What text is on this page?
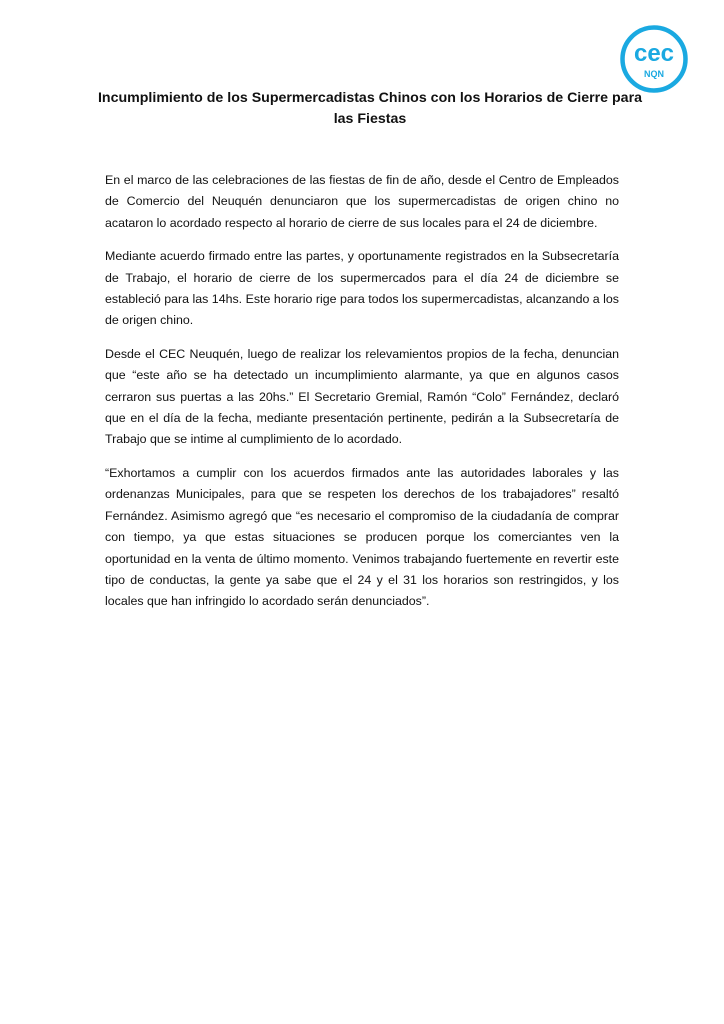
cec
NQN
Incumplimiento de los Supermercadistas Chinos con los Horarios de Cierre para las Fiestas

En el marco de las celebraciones de las fiestas de fin de año, desde el Centro de Empleados de Comercio del Neuquén denunciaron que los supermercadistas de origen chino no acataron lo acordado respecto al horario de cierre de sus locales para el 24 de diciembre.

Mediante acuerdo firmado entre las partes, y oportunamente registrados en la Subsecretaría de Trabajo, el horario de cierre de los supermercados para el día 24 de diciembre se estableció para las 14hs. Este horario rige para todos los supermercadistas, alcanzando a los de origen chino.

Desde el CEC Neuquén, luego de realizar los relevamientos propios de la fecha, denuncian que “este año se ha detectado un incumplimiento alarmante, ya que en algunos casos cerraron sus puertas a las 20hs.” El Secretario Gremial, Ramón “Colo” Fernández, declaró que en el día de la fecha, mediante presentación pertinente, pedirán a la Subsecretaría de Trabajo que se intime al cumplimiento de lo acordado.

“Exhortamos a cumplir con los acuerdos firmados ante las autoridades laborales y las ordenanzas Municipales, para que se respeten los derechos de los trabajadores” resaltó Fernández. Asimismo agregó que “es necesario el compromiso de la ciudadanía de comprar con tiempo, ya que estas situaciones se producen porque los comerciantes ven la oportunidad en la venta de último momento. Venimos trabajando fuertemente en revertir este tipo de conductas, la gente ya sabe que el 24 y el 31 los horarios son restringidos, y los locales que han infringido lo acordado serán denunciados”.
